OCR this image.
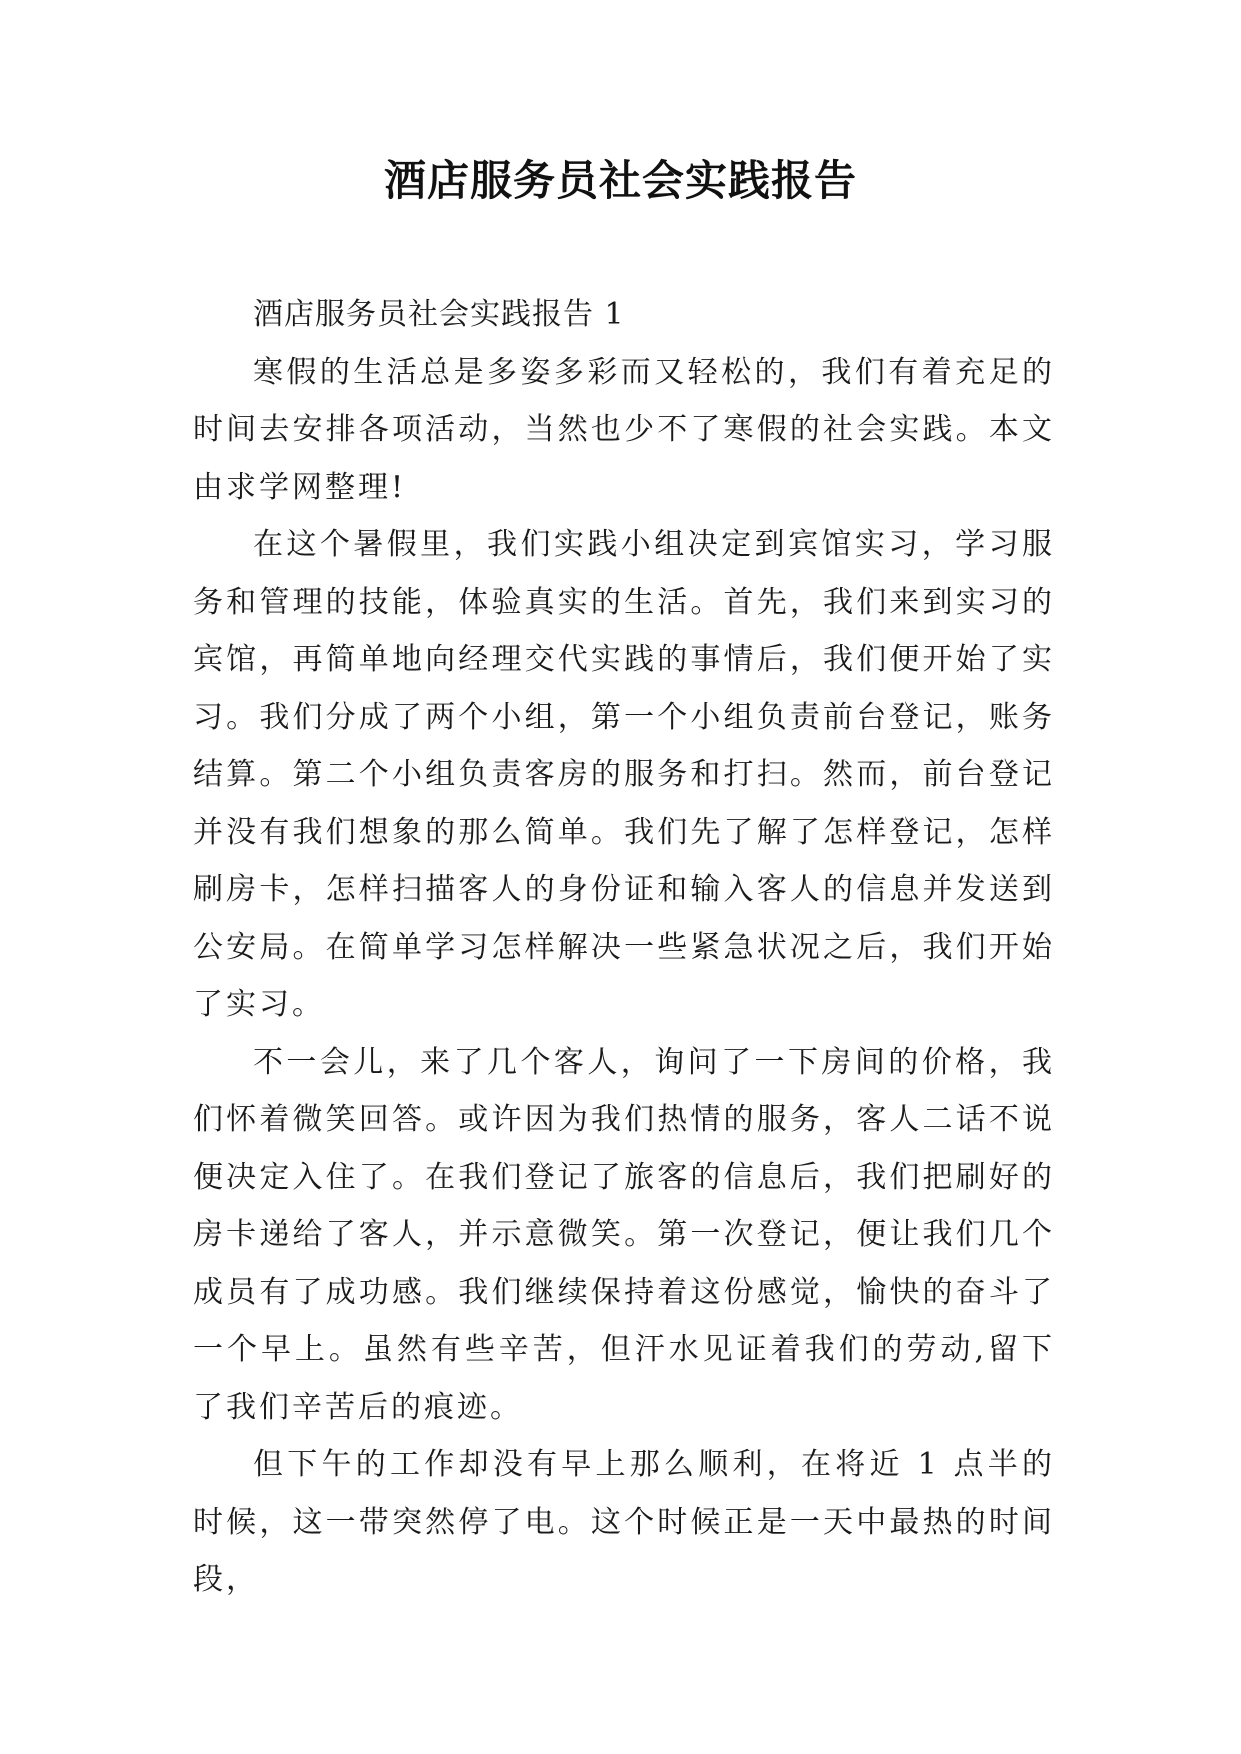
酒店服务员社会实践报告

酒店服务员社会实践报告 1

寒假的生活总是多姿多彩而又轻松的，我们有着充足的时间去安排各项活动，当然也少不了寒假的社会实践。本文由求学网整理!

在这个暑假里，我们实践小组决定到宾馆实习，学习服务和管理的技能，体验真实的生活。首先，我们来到实习的宾馆，再简单地向经理交代实践的事情后，我们便开始了实习。我们分成了两个小组，第一个小组负责前台登记，账务结算。第二个小组负责客房的服务和打扫。然而，前台登记并没有我们想象的那么简单。我们先了解了怎样登记，怎样刷房卡，怎样扫描客人的身份证和输入客人的信息并发送到公安局。在简单学习怎样解决一些紧急状况之后，我们开始了实习。

不一会儿，来了几个客人，询问了一下房间的价格，我们怀着微笑回答。或许因为我们热情的服务，客人二话不说便决定入住了。在我们登记了旅客的信息后，我们把刷好的房卡递给了客人，并示意微笑。第一次登记，便让我们几个成员有了成功感。我们继续保持着这份感觉，愉快的奋斗了一个早上。虽然有些辛苦，但汗水见证着我们的劳动,留下了我们辛苦后的痕迹。

但下午的工作却没有早上那么顺利，在将近 1 点半的时候，这一带突然停了电。这个时候正是一天中最热的时间段，
